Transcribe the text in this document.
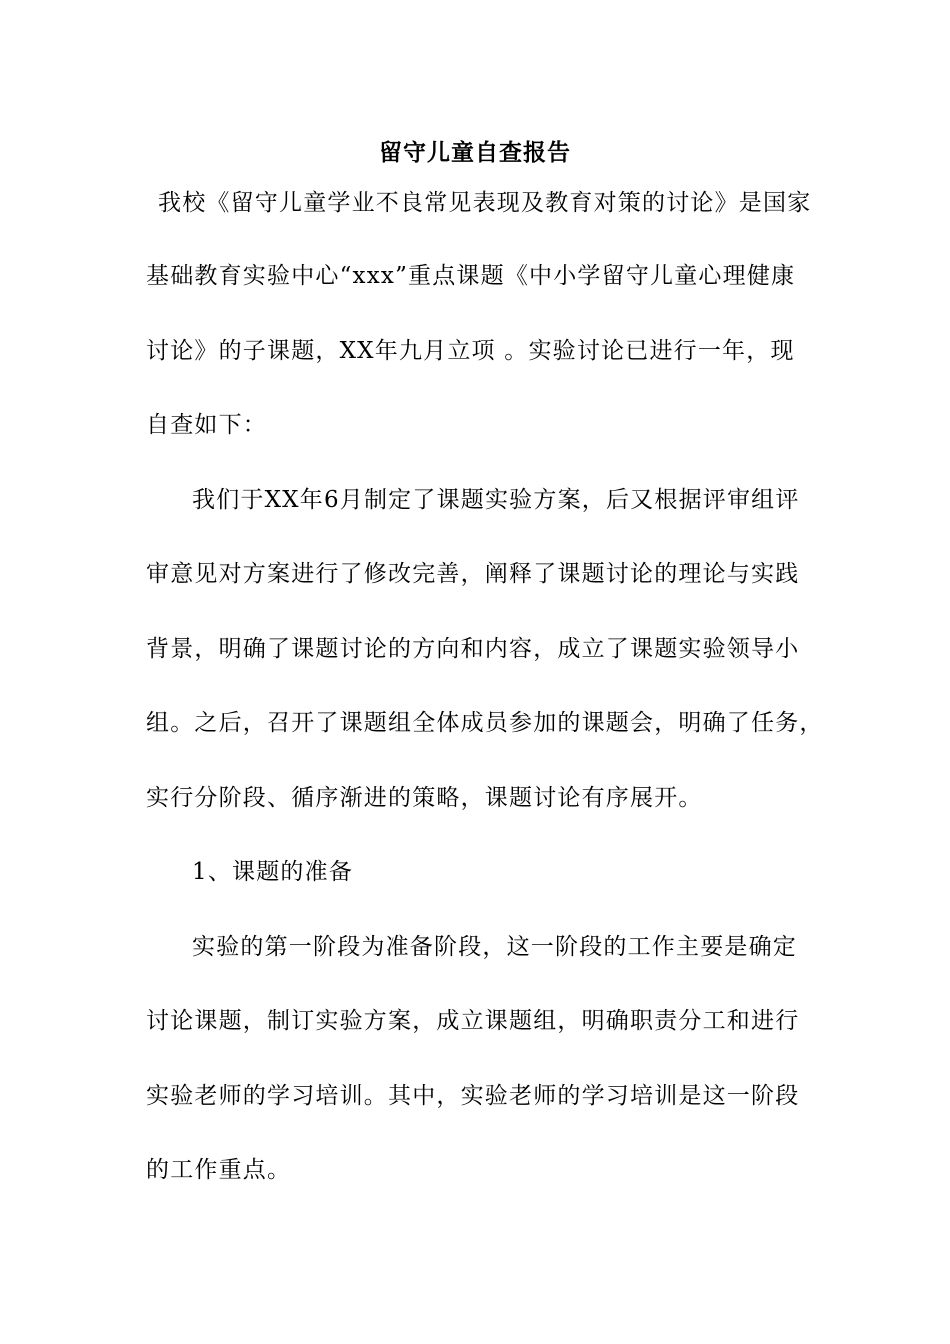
留守儿童自查报告
我校《留守儿童学业不良常见表现及教育对策的讨论》是国家
基础教育实验中心“xxx”重点课题《中小学留守儿童心理健康
讨论》的子课题，XX年九月立项 。实验讨论已进行一年，现
自查如下：
我们于XX年6月制定了课题实验方案，后又根据评审组评
审意见对方案进行了修改完善，阐释了课题讨论的理论与实践
背景，明确了课题讨论的方向和内容，成立了课题实验领导小
组。之后，召开了课题组全体成员参加的课题会，明确了任务，
实行分阶段、循序渐进的策略，课题讨论有序展开。
1、课题的准备
实验的第一阶段为准备阶段，这一阶段的工作主要是确定
讨论课题，制订实验方案，成立课题组，明确职责分工和进行
实验老师的学习培训。其中，实验老师的学习培训是这一阶段
的工作重点。
